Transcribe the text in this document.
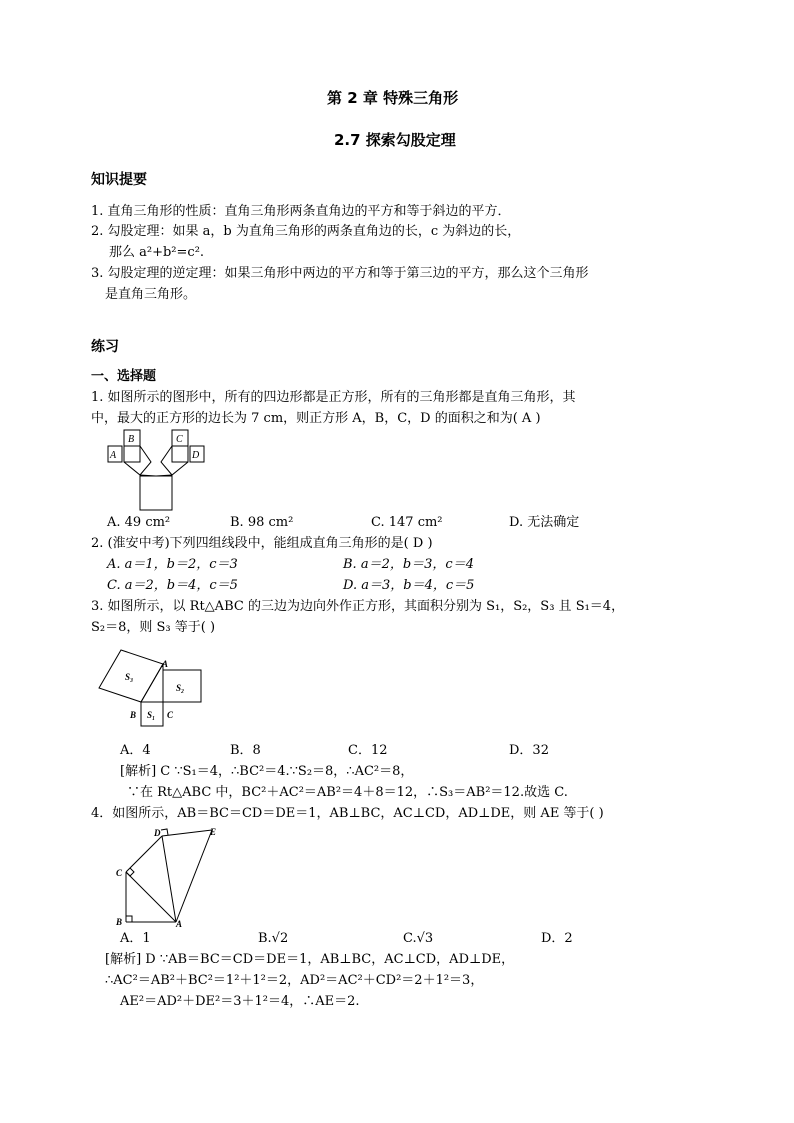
第 2 章 特殊三角形
2.7 探索勾股定理
知识提要
1. 直角三角形的性质：直角三角形两条直角边的平方和等于斜边的平方．
2. 勾股定理：如果 a，b 为直角三角形的两条直角边的长，c 为斜边的长，
那么 a²+b²=c².
3. 勾股定理的逆定理：如果三角形中两边的平方和等于第三边的平方，那么这个三角形
是直角三角形。
练习
一、选择题
1. 如图所示的图形中，所有的四边形都是正方形，所有的三角形都是直角三角形，其
中，最大的正方形的边长为 7 cm，则正方形 A，B，C，D 的面积之和为( A )
A
B	C
D
A. 49 cm²	B. 98 cm²	C. 147 cm²	D. 无法确定
2. (淮安中考)下列四组线段中，能组成直角三角形的是( D )
A. a＝1，b＝2，c＝3	B. a＝2，b＝3，c＝4
C. a＝2，b＝4，c＝5	D. a＝3，b＝4，c＝5
3. 如图所示，以 Rt△ABC 的三边为边向外作正方形，其面积分别为 S₁，S₂，S₃ 且 S₁＝4，
S₂＝8，则 S₃ 等于( )
A
B	C
S₁
S₂
S₃
A．4	B．8	C．12	D．32
[解析] C ∵S₁＝4，∴BC²＝4.∵S₂＝8，∴AC²＝8，
∵在 Rt△ABC 中，BC²＋AC²＝AB²＝4＋8＝12，∴S₃＝AB²＝12.故选 C.
4．如图所示，AB＝BC＝CD＝DE＝1，AB⊥BC，AC⊥CD，AD⊥DE，则 AE 等于( )
A
B
C
D	E
A．1	B.√2	C.√3	D．2
[解析] D ∵AB＝BC＝CD＝DE＝1，AB⊥BC，AC⊥CD，AD⊥DE，
∴AC²＝AB²＋BC²＝1²＋1²＝2，AD²＝AC²＋CD²＝2＋1²＝3，
AE²＝AD²＋DE²＝3＋1²＝4，∴AE＝2.
